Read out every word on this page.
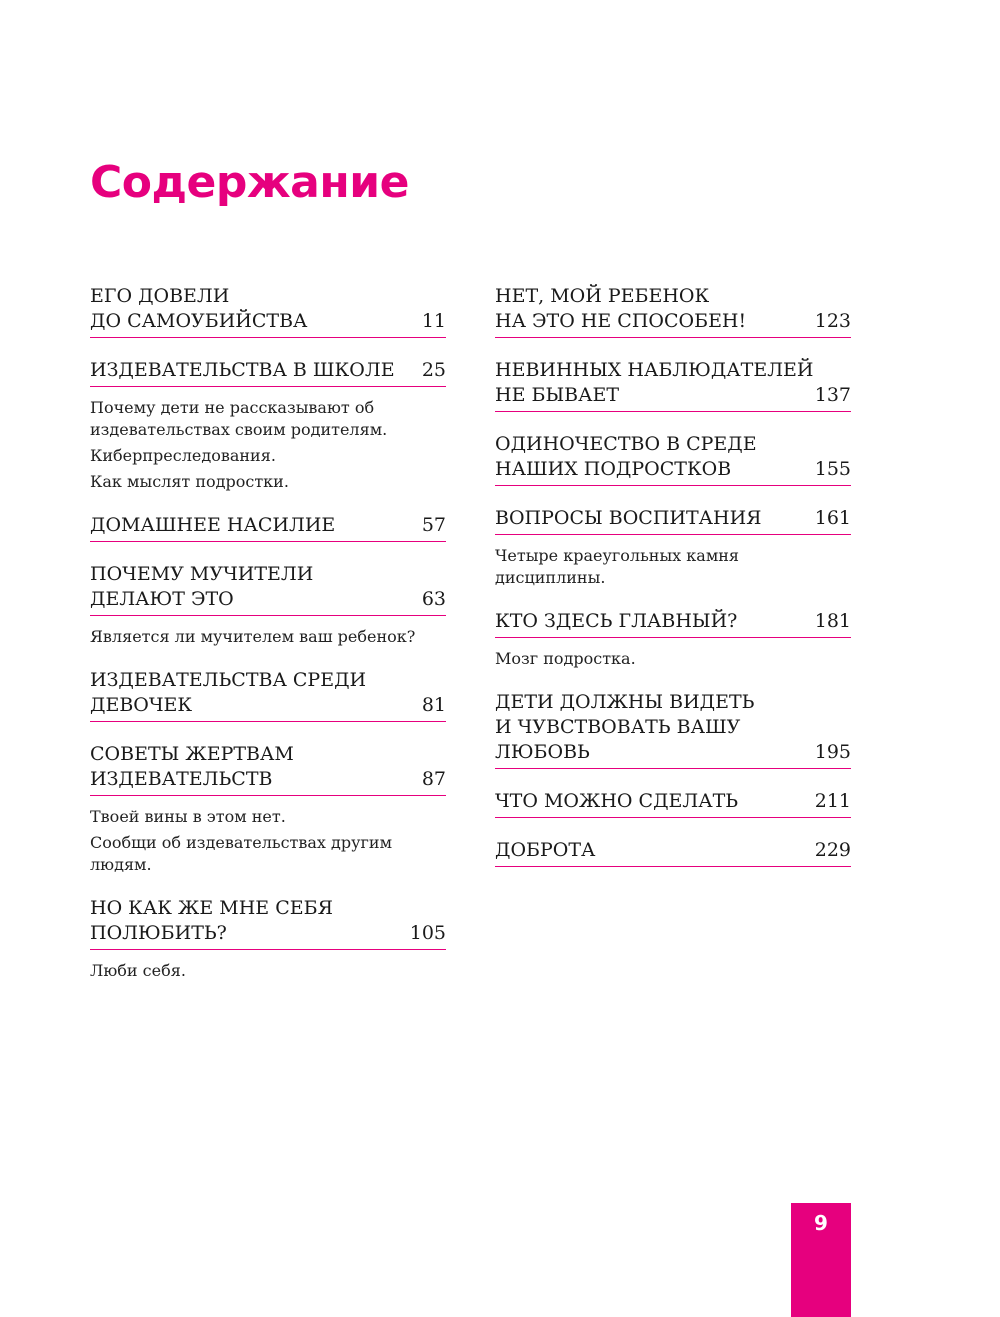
Содержание
ЕГО ДОВЕЛИ
ДО САМОУБИЙСТВА	11
ИЗДЕВАТЕЛЬСТВА В ШКОЛЕ 25
Почему дети не рассказывают об издевательствах своим родителям.
Киберпреследования.
Как мыслят подростки.
ДОМАШНЕЕ НАСИЛИЕ	57
ПОЧЕМУ МУЧИТЕЛИ
ДЕЛАЮТ ЭТО	63
Является ли мучителем ваш ребенок?
ИЗДЕВАТЕЛЬСТВА СРЕДИ
ДЕВОЧЕК	81
СОВЕТЫ ЖЕРТВАМ
ИЗДЕВАТЕЛЬСТВ	87
Твоей вины в этом нет.
Сообщи об издевательствах другим людям.
НО КАК ЖЕ МНЕ СЕБЯ
ПОЛЮБИТЬ?	105
Люби себя.
НЕТ, МОЙ РЕБЕНОК
НА ЭТО НЕ СПОСОБЕН!	123
НЕВИННЫХ НАБЛЮДАТЕЛЕЙ
НЕ БЫВАЕТ	137
ОДИНОЧЕСТВО В СРЕДЕ
НАШИХ ПОДРОСТКОВ	155
ВОПРОСЫ ВОСПИТАНИЯ	161
Четыре краеугольных камня дисциплины.
КТО ЗДЕСЬ ГЛАВНЫЙ?	181
Мозг подростка.
ДЕТИ ДОЛЖНЫ ВИДЕТЬ
И ЧУВСТВОВАТЬ ВАШУ
ЛЮБОВЬ	195
ЧТО МОЖНО СДЕЛАТЬ	211
ДОБРОТА	229
9
